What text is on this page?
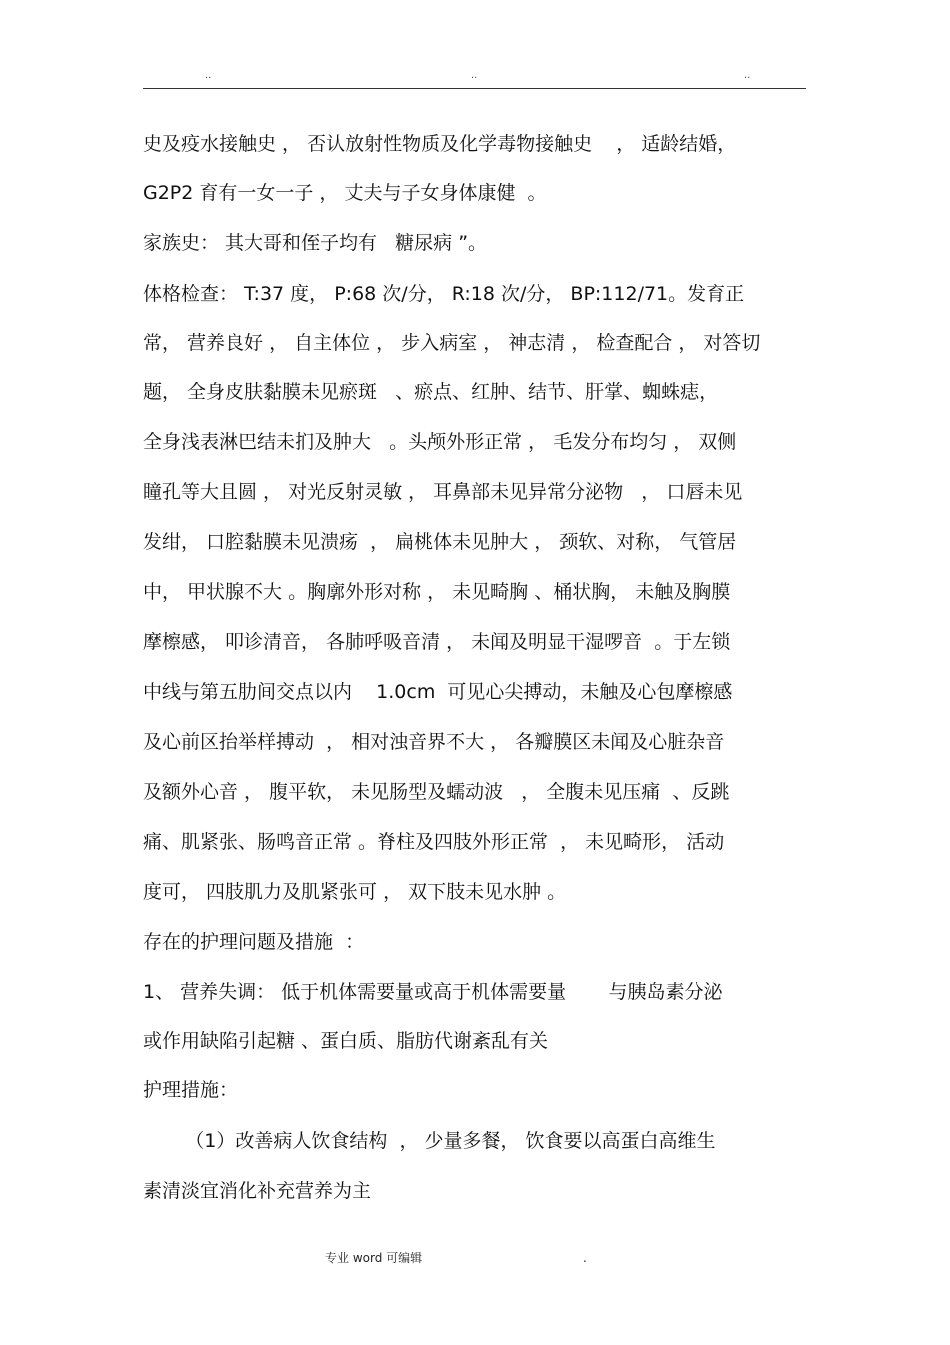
..	..	..
史及疫水接触史 ， 否认放射性物质及化学毒物接触史    ， 适龄结婚，
G2P2 育有一女一子 ， 丈夫与子女身体康健  。
家族史： 其大哥和侄子均有   糖尿病 ”。
体格检查： T:37 度， P:68 次/分， R:18 次/分， BP:112/71。发育正
常， 营养良好 ， 自主体位 ， 步入病室 ， 神志清 ， 检查配合 ， 对答切
题， 全身皮肤黏膜未见瘀斑   、瘀点、红肿、结节、肝掌、蜘蛛痣，
全身浅表淋巴结未扪及肿大   。头颅外形正常 ， 毛发分布均匀 ， 双侧
瞳孔等大且圆 ， 对光反射灵敏 ， 耳鼻部未见异常分泌物   ， 口唇未见
发绀， 口腔黏膜未见溃疡  ， 扁桃体未见肿大 ， 颈软、对称， 气管居
中， 甲状腺不大 。胸廓外形对称 ， 未见畸胸 、桶状胸， 未触及胸膜
摩檫感， 叩诊清音， 各肺呼吸音清 ， 未闻及明显干湿啰音  。于左锁
中线与第五肋间交点以内    1.0cm  可见心尖搏动，未触及心包摩檫感
及心前区抬举样搏动  ， 相对浊音界不大 ， 各瓣膜区未闻及心脏杂音
及额外心音 ， 腹平软， 未见肠型及蠕动波   ， 全腹未见压痛  、反跳
痛、肌紧张、肠鸣音正常 。脊柱及四肢外形正常  ， 未见畸形， 活动
度可， 四肢肌力及肌紧张可 ， 双下肢未见水肿 。
存在的护理问题及措施  ：
1、 营养失调： 低于机体需要量或高于机体需要量       与胰岛素分泌
或作用缺陷引起糖 、蛋白质、脂肪代谢紊乱有关
护理措施：
（1）改善病人饮食结构  ， 少量多餐， 饮食要以高蛋白高维生
素清淡宜消化补充营养为主
专业 word 可编辑	.
